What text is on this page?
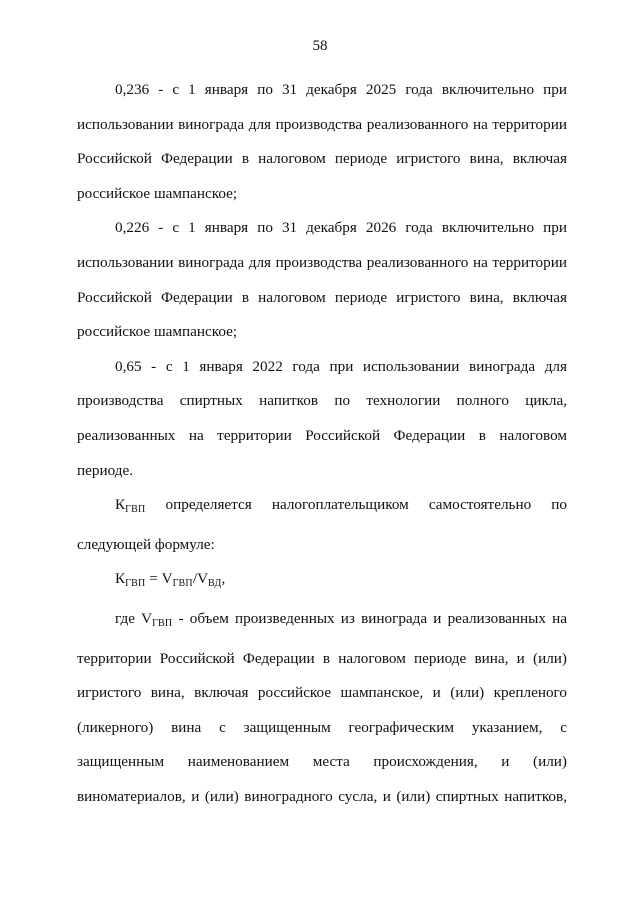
58

0,236 - с 1 января по 31 декабря 2025 года включительно при использовании винограда для производства реализованного на территории Российской Федерации в налоговом периоде игристого вина, включая российское шампанское;

0,226 - с 1 января по 31 декабря 2026 года включительно при использовании винограда для производства реализованного на территории Российской Федерации в налоговом периоде игристого вина, включая российское шампанское;

0,65 - с 1 января 2022 года при использовании винограда для производства спиртных напитков по технологии полного цикла, реализованных на территории Российской Федерации в налоговом периоде.

$К_{ГВП}$ определяется налогоплательщиком самостоятельно по следующей формуле:

$К_{ГВП} = V_{ГВП}/V_{ВД}$,

где $V_{ГВП}$ - объем произведенных из винограда и реализованных на территории Российской Федерации в налоговом периоде вина, и (или) игристого вина, включая российское шампанское, и (или) крепленого (ликерного) вина с защищенным географическим указанием, с защищенным наименованием места происхождения, и (или) виноматериалов, и (или) виноградного сусла, и (или) спиртных напитков,
